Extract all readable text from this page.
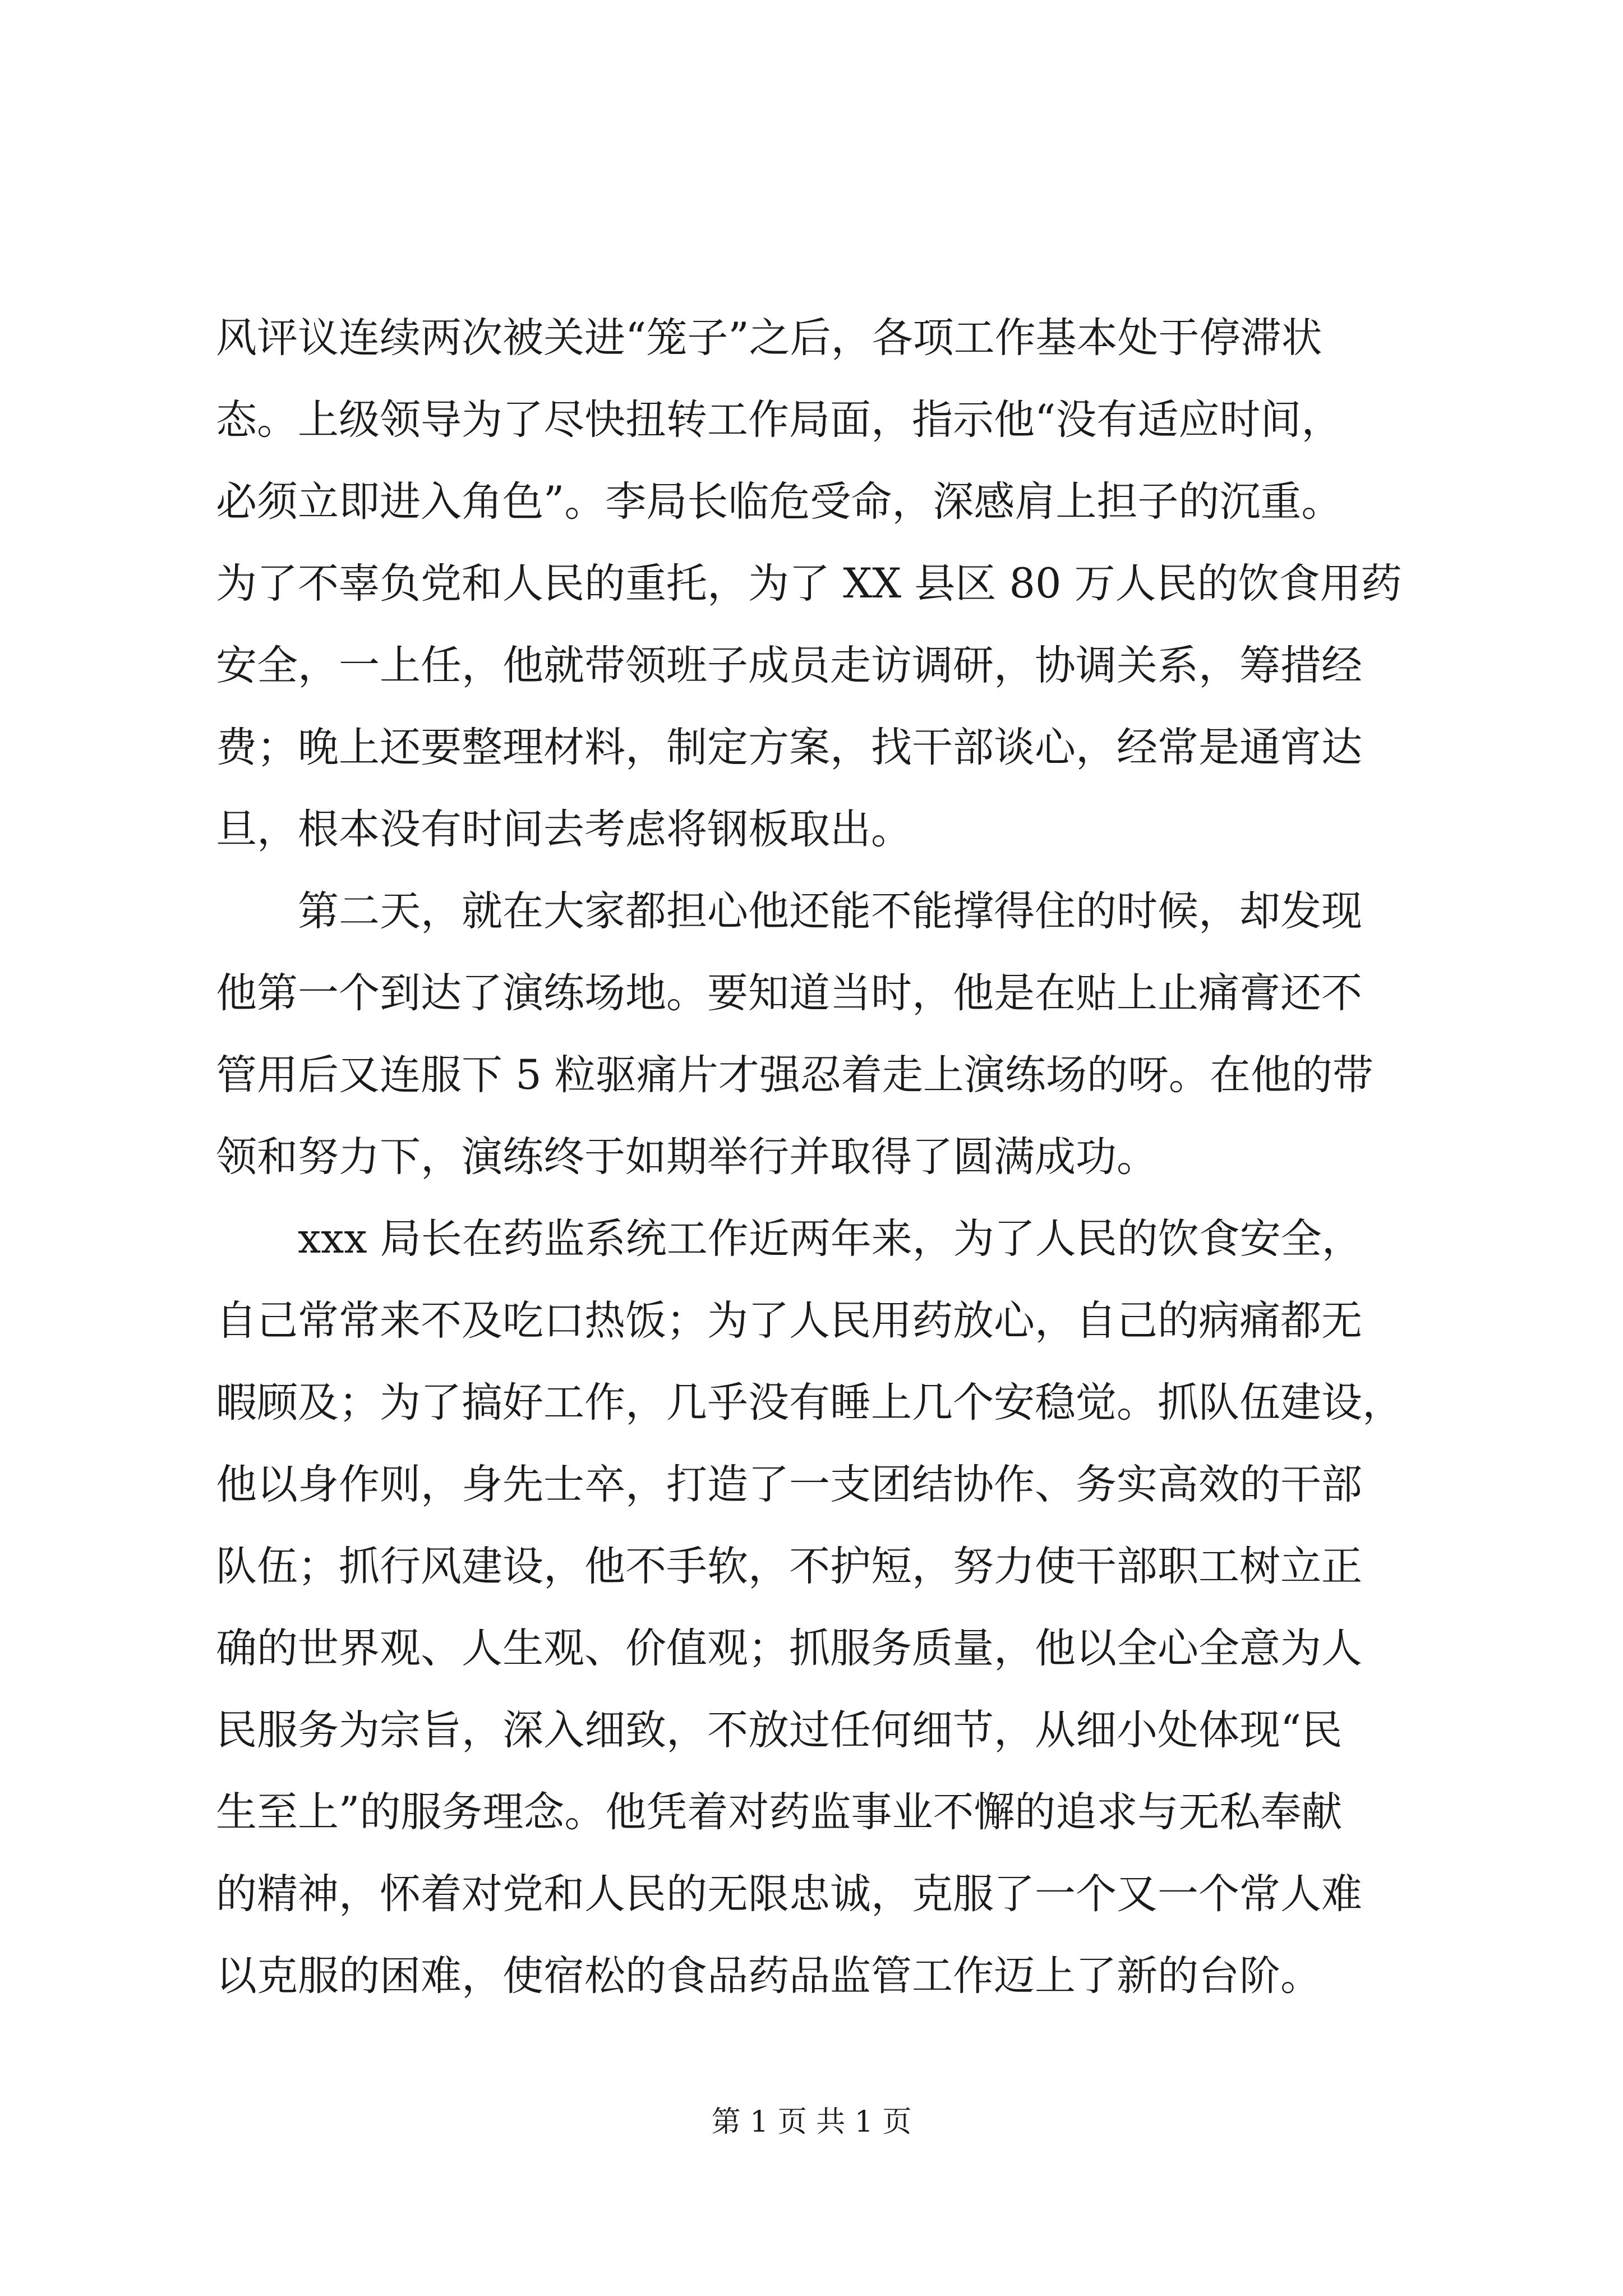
风评议连续两次被关进“笼子”之后，各项工作基本处于停滞状
态。上级领导为了尽快扭转工作局面，指示他“没有适应时间，
必须立即进入角色”。李局长临危受命，深感肩上担子的沉重。
为了不辜负党和人民的重托，为了 XX 县区 80 万人民的饮食用药
安全，一上任，他就带领班子成员走访调研，协调关系，筹措经
费；晚上还要整理材料，制定方案，找干部谈心，经常是通宵达
旦，根本没有时间去考虑将钢板取出。
第二天，就在大家都担心他还能不能撑得住的时候，却发现
他第一个到达了演练场地。要知道当时，他是在贴上止痛膏还不
管用后又连服下 5 粒驱痛片才强忍着走上演练场的呀。在他的带
领和努力下，演练终于如期举行并取得了圆满成功。
xxx 局长在药监系统工作近两年来，为了人民的饮食安全，
自己常常来不及吃口热饭；为了人民用药放心，自己的病痛都无
暇顾及；为了搞好工作，几乎没有睡上几个安稳觉。抓队伍建设，
他以身作则，身先士卒，打造了一支团结协作、务实高效的干部
队伍；抓行风建设，他不手软，不护短，努力使干部职工树立正
确的世界观、人生观、价值观；抓服务质量，他以全心全意为人
民服务为宗旨，深入细致，不放过任何细节，从细小处体现“民
生至上”的服务理念。他凭着对药监事业不懈的追求与无私奉献
的精神，怀着对党和人民的无限忠诚，克服了一个又一个常人难
以克服的困难，使宿松的食品药品监管工作迈上了新的台阶。
第 1 页 共 1 页
